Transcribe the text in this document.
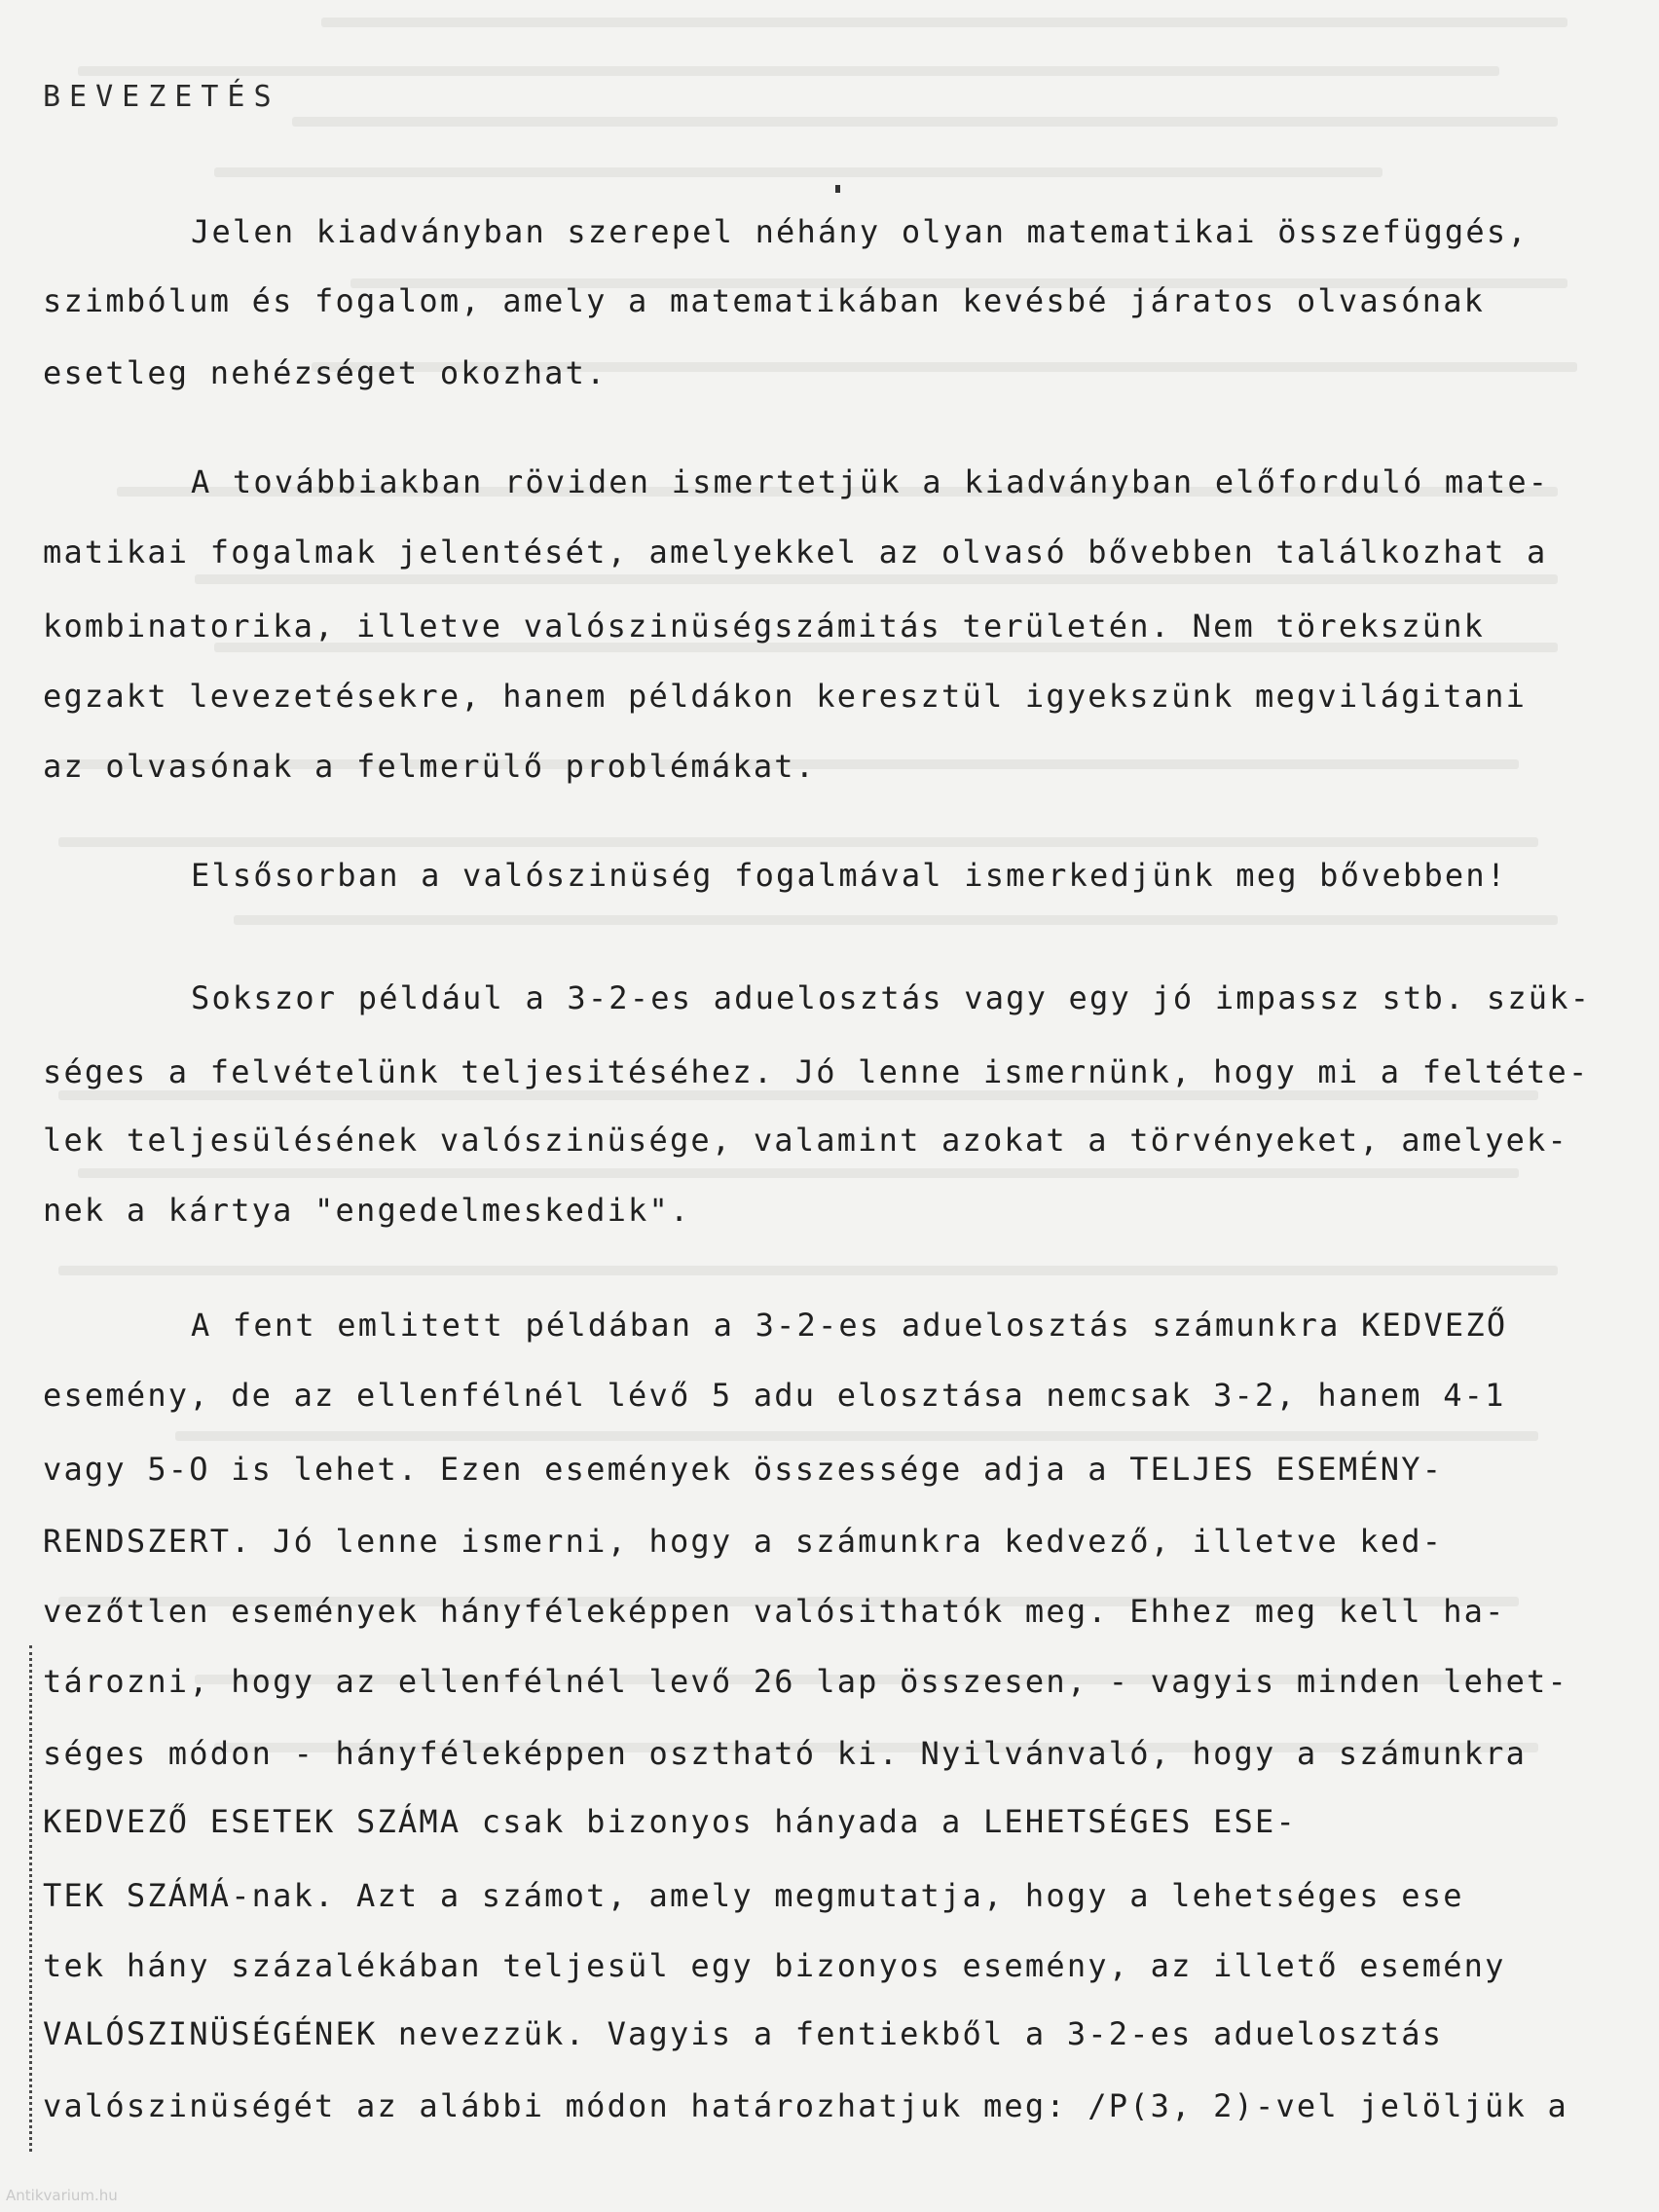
BEVEZETÉS
Jelen kiadványban szerepel néhány olyan matematikai összefüggés,
szimbólum és fogalom, amely a matematikában kevésbé járatos olvasónak
esetleg nehézséget okozhat.
A továbbiakban röviden ismertetjük a kiadványban előforduló mate-
matikai fogalmak jelentését, amelyekkel az olvasó bővebben találkozhat a
kombinatorika, illetve valószinüségszámitás területén. Nem törekszünk
egzakt levezetésekre, hanem példákon keresztül igyekszünk megvilágitani
az olvasónak a felmerülő problémákat.
Elsősorban a valószinüség fogalmával ismerkedjünk meg bővebben!
Sokszor például a 3-2-es aduelosztás vagy egy jó impassz stb. szük-
séges a felvételünk teljesitéséhez. Jó lenne ismernünk, hogy mi a feltéte-
lek teljesülésének valószinüsége, valamint azokat a törvényeket, amelyek-
nek a kártya "engedelmeskedik".
A fent emlitett példában a 3-2-es aduelosztás számunkra KEDVEZŐ
esemény, de az ellenfélnél lévő 5 adu elosztása nemcsak 3-2, hanem 4-1
vagy 5-O is lehet. Ezen események összessége adja a TELJES ESEMÉNY-
RENDSZERT. Jó lenne ismerni, hogy a számunkra kedvező, illetve ked-
vezőtlen események hányféleképpen valósithatók meg. Ehhez meg kell ha-
tározni, hogy az ellenfélnél levő 26 lap összesen, - vagyis minden lehet-
séges módon - hányféleképpen osztható ki. Nyilvánvaló, hogy a számunkra
KEDVEZŐ ESETEK SZÁMA csak bizonyos hányada a LEHETSÉGES ESE-
TEK SZÁMÁ-nak. Azt a számot, amely megmutatja, hogy a lehetséges ese
tek hány százalékában teljesül egy bizonyos esemény, az illető esemény
VALÓSZINÜSÉGÉNEK nevezzük. Vagyis a fentiekből a 3-2-es aduelosztás
valószinüségét az alábbi módon határozhatjuk meg: /P(3, 2)-vel jelöljük a
Antikvarium.hu
